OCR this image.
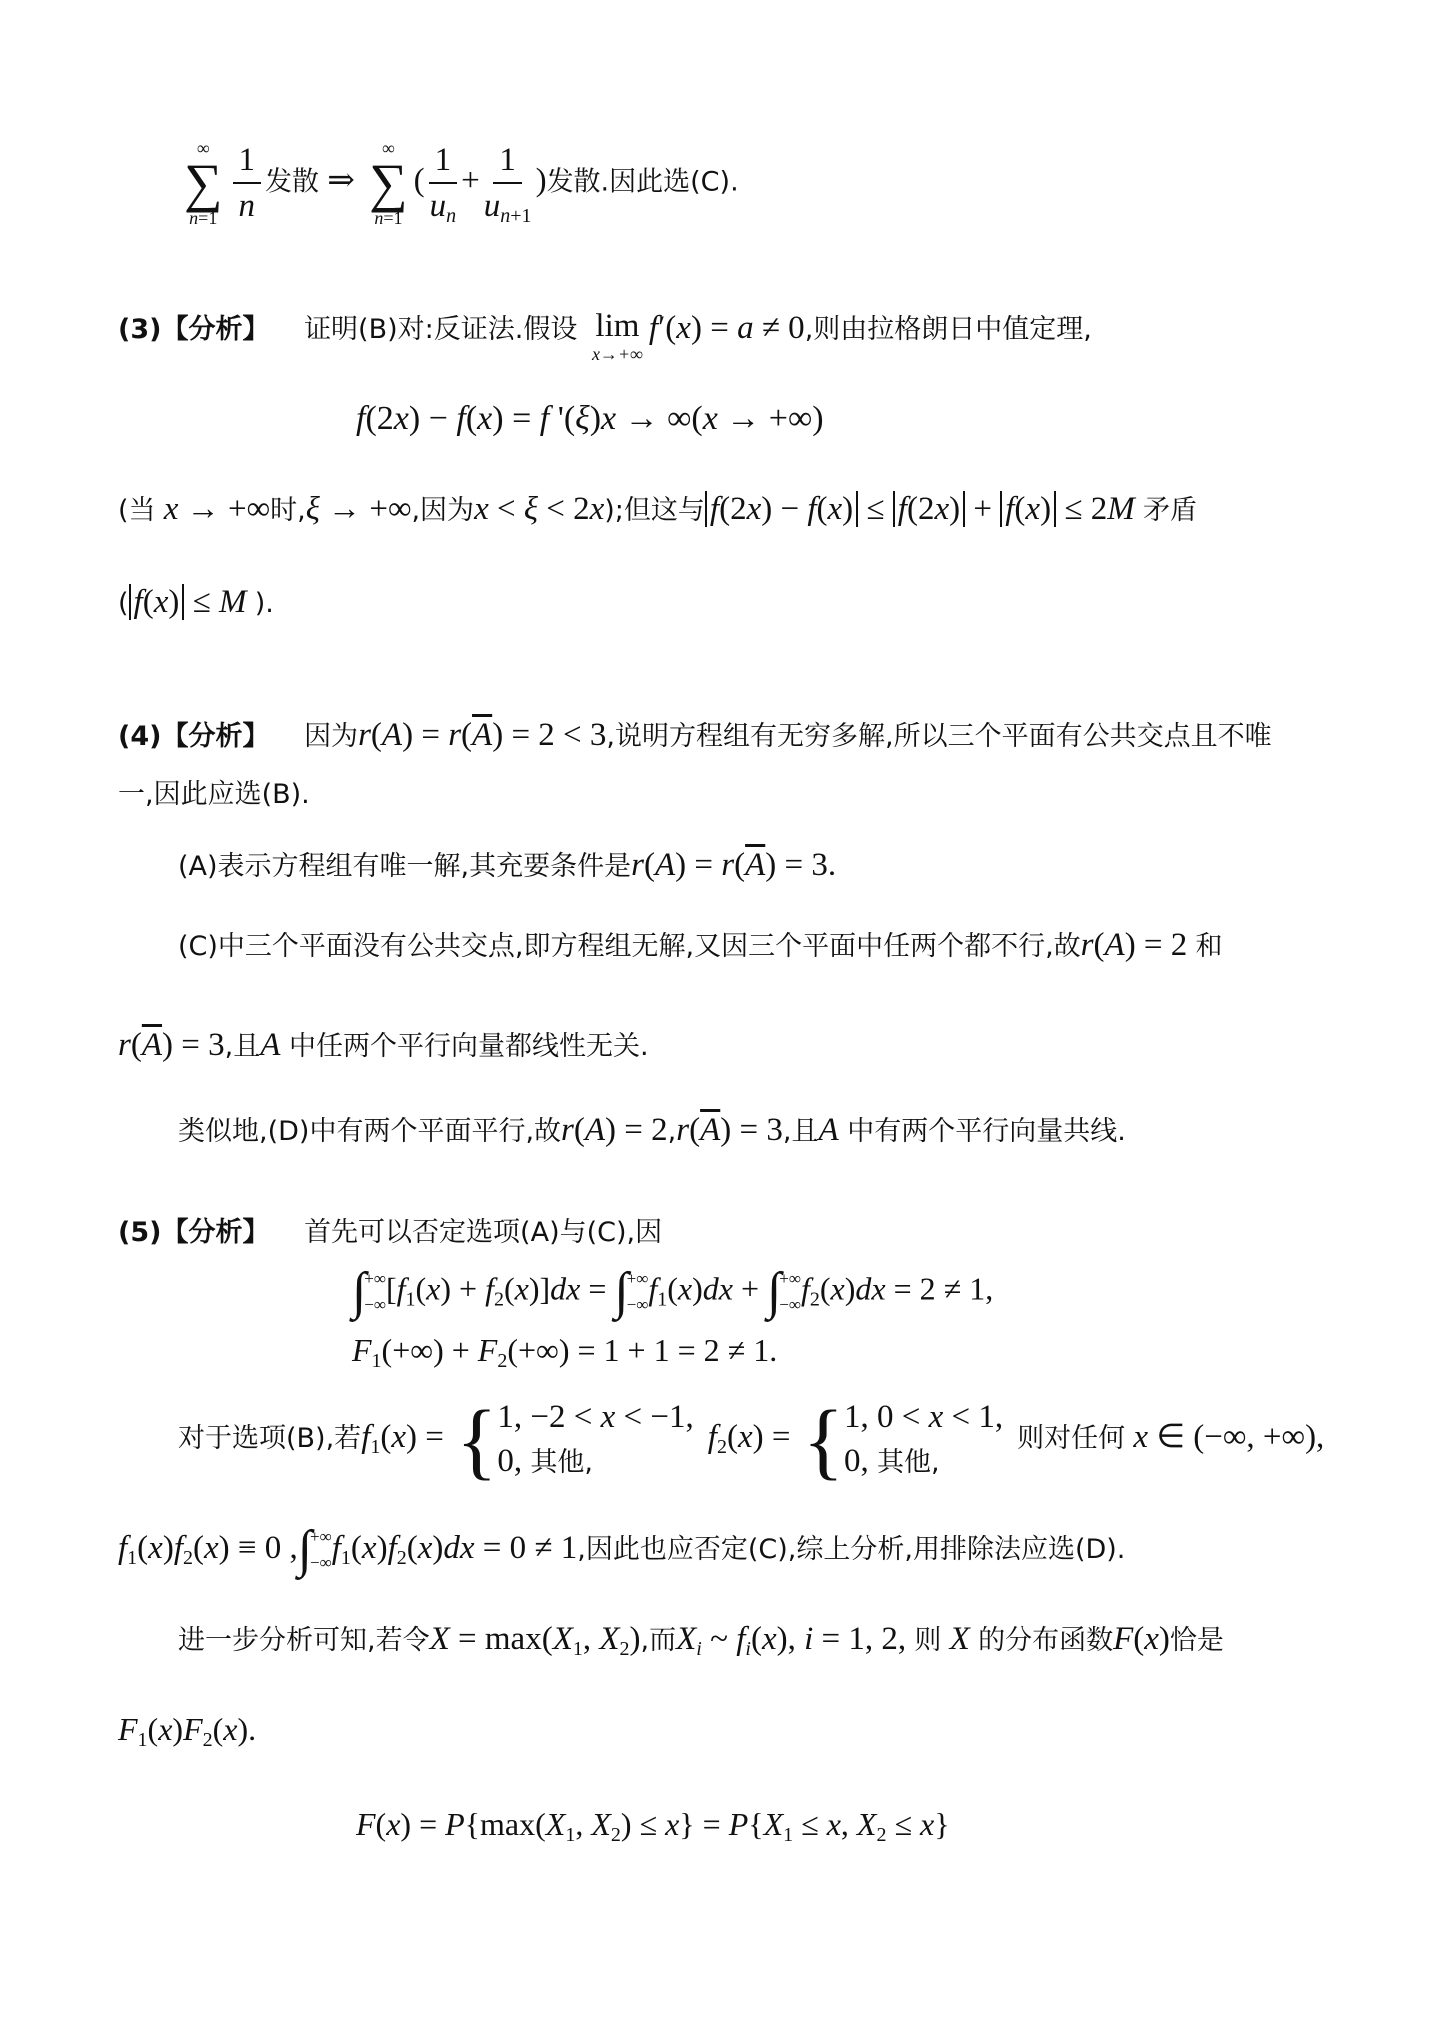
∞
∑
$n=1 \frac{1}{n}$ 发散 ⇒
∞
∑
n=1
( $\frac{1}{u_n} + \frac{1}{u_{n+1}}$ )发散.因此选(C).
(3)【分析】 证明(B)对:反证法.假设 lim
x→+∞
f′(x) = a ≠ 0,则由拉格朗日中值定理,
f(2x) − f(x) = f '(ξ)x → ∞(x → +∞)
(当 x → +∞时,ξ → +∞,因为x < ξ < 2x);但这与 f(2x) − f(x) ≤ f(2x) + f(x) ≤ 2M 矛盾
( f(x) ≤ M ).
(4)【分析】 因为$r(A) = r(\overline{A}) = 2 < 3$,说明方程组有无穷多解,所以三个平面有公共交点且不唯
一,因此应选(B).
(A)表示方程组有唯一解,其充要条件是$r(A) = r(\overline{A}) = 3$.
(C)中三个平面没有公共交点,即方程组无解,又因三个平面中任两个都不行,故r(A) = 2 和
$r(\overline{A}) = 3$,且A 中任两个平行向量都线性无关.
类似地,(D)中有两个平面平行,故$r(A) = 2,r(\overline{A}) = 3$,且A 中有两个平行向量共线.
(5)【分析】 首先可以否定选项(A)与(C),因
∫
+∞
−∞ $[f_1(x) + f_2(x)]dx$ = ∫
+∞
−∞ $f_1(x)dx$ + ∫
+∞
−∞ $f_2(x)dx = 2 \ne 1$,
$F_1(+\infty) + F_2(+\infty) = 1 + 1 = 2 \ne 1$.
对于选项(B),若$f_1(x)$ = { 1, −2 < x < −1,
0, 其他,
$f_2(x)$ = { 1, 0 < x < 1,
0, 其他,
则对任何 x ∈ (−∞, +∞),
$f_1(x)f_2(x) \equiv 0$ , ∫
+∞
−∞ $f_1(x)f_2(x)dx = 0 \ne 1$,因此也应否定(C),综上分析,用排除法应选(D).
进一步分析可知,若令$X = \max(X_1$, $X_2$),而$X_i$ ~ $f_i(x)$, i = 1, 2, 则 X 的分布函数F(x)恰是
$F_1(x)F_2(x)$.
$F(x) = P\{\max(X_1$, $X_2) \le x\} = P\{X_1 \le x$, $X_2 \le x$}
